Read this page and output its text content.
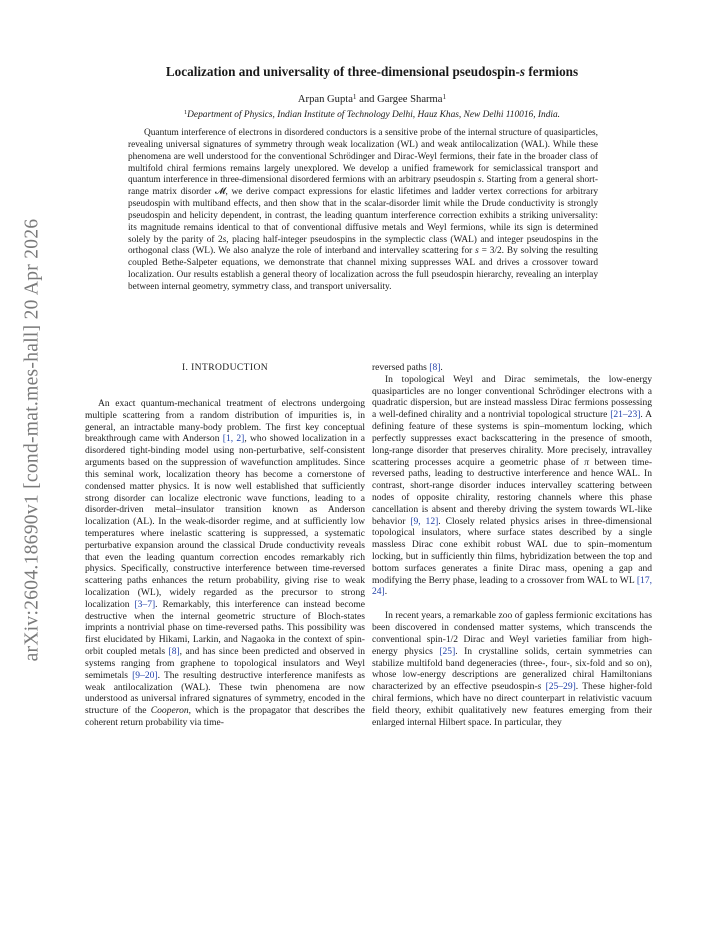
arXiv:2604.18690v1 [cond-mat.mes-hall] 20 Apr 2026
Localization and universality of three-dimensional pseudospin-s fermions
Arpan Gupta$^1$ and Gargee Sharma$^1$
$^1$Department of Physics, Indian Institute of Technology Delhi, Hauz Khas, New Delhi 110016, India.

Quantum interference of electrons in disordered conductors is a sensitive probe of the internal structure of quasiparticles, revealing universal signatures of symmetry through weak localization (WL) and weak antilocalization (WAL). While these phenomena are well understood for the conventional Schrödinger and Dirac-Weyl fermions, their fate in the broader class of multifold chiral fermions remains largely unexplored. We develop a unified framework for semiclassical transport and quantum interference in three-dimensional disordered fermions with an arbitrary pseudospin s. Starting from a general short-range matrix disorder 𝓜, we derive compact expressions for elastic lifetimes and ladder vertex corrections for arbitrary pseudospin with multiband effects, and then show that in the scalar-disorder limit while the Drude conductivity is strongly pseudospin and helicity dependent, in contrast, the leading quantum interference correction exhibits a striking universality: its magnitude remains identical to that of conventional diffusive metals and Weyl fermions, while its sign is determined solely by the parity of 2s, placing half-integer pseudospins in the symplectic class (WAL) and integer pseudospins in the orthogonal class (WL). We also analyze the role of interband and intervalley scattering for s = 3/2. By solving the resulting coupled Bethe-Salpeter equations, we demonstrate that channel mixing suppresses WAL and drives a crossover toward localization. Our results establish a general theory of localization across the full pseudospin hierarchy, revealing an interplay between internal geometry, symmetry class, and transport universality.

I. INTRODUCTION

An exact quantum-mechanical treatment of electrons undergoing multiple scattering from a random distribution of impurities is, in general, an intractable many-body problem. The first key conceptual breakthrough came with Anderson [1, 2], who showed localization in a disordered tight-binding model using non-perturbative, self-consistent arguments based on the suppression of wavefunction amplitudes. Since this seminal work, localization theory has become a cornerstone of condensed matter physics. It is now well established that sufficiently strong disorder can localize electronic wave functions, leading to a disorder-driven metal–insulator transition known as Anderson localization (AL). In the weak-disorder regime, and at sufficiently low temperatures where inelastic scattering is suppressed, a systematic perturbative expansion around the classical Drude conductivity reveals that even the leading quantum correction encodes remarkably rich physics. Specifically, constructive interference between time-reversed scattering paths enhances the return probability, giving rise to weak localization (WL), widely regarded as the precursor to strong localization [3–7]. Remarkably, this interference can instead become destructive when the internal geometric structure of Bloch-states imprints a nontrivial phase on time-reversed paths. This possibility was first elucidated by Hikami, Larkin, and Nagaoka in the context of spin-orbit coupled metals [8], and has since been predicted and observed in systems ranging from graphene to topological insulators and Weyl semimetals [9–20]. The resulting destructive interference manifests as weak antilocalization (WAL). These twin phenomena are now understood as universal infrared signatures of symmetry, encoded in the structure of the Cooperon, which is the propagator that describes the coherent return probability via time-

reversed paths [8].

In topological Weyl and Dirac semimetals, the low-energy quasiparticles are no longer conventional Schrödinger electrons with a quadratic dispersion, but are instead massless Dirac fermions possessing a well-defined chirality and a nontrivial topological structure [21–23]. A defining feature of these systems is spin–momentum locking, which perfectly suppresses exact backscattering in the presence of smooth, long-range disorder that preserves chirality. More precisely, intravalley scattering processes acquire a geometric phase of π between time-reversed paths, leading to destructive interference and hence WAL. In contrast, short-range disorder induces intervalley scattering between nodes of opposite chirality, restoring channels where this phase cancellation is absent and thereby driving the system towards WL-like behavior [9, 12]. Closely related physics arises in three-dimensional topological insulators, where surface states described by a single massless Dirac cone exhibit robust WAL due to spin–momentum locking, but in sufficiently thin films, hybridization between the top and bottom surfaces generates a finite Dirac mass, opening a gap and modifying the Berry phase, leading to a crossover from WAL to WL [17, 24].

In recent years, a remarkable zoo of gapless fermionic excitations has been discovered in condensed matter systems, which transcends the conventional spin-1/2 Dirac and Weyl varieties familiar from high-energy physics [25]. In crystalline solids, certain symmetries can stabilize multifold band degeneracies (three-, four-, six-fold and so on), whose low-energy descriptions are generalized chiral Hamiltonians characterized by an effective pseudospin-s [25–29]. These higher-fold chiral fermions, which have no direct counterpart in relativistic vacuum field theory, exhibit qualitatively new features emerging from their enlarged internal Hilbert space. In particular, they
